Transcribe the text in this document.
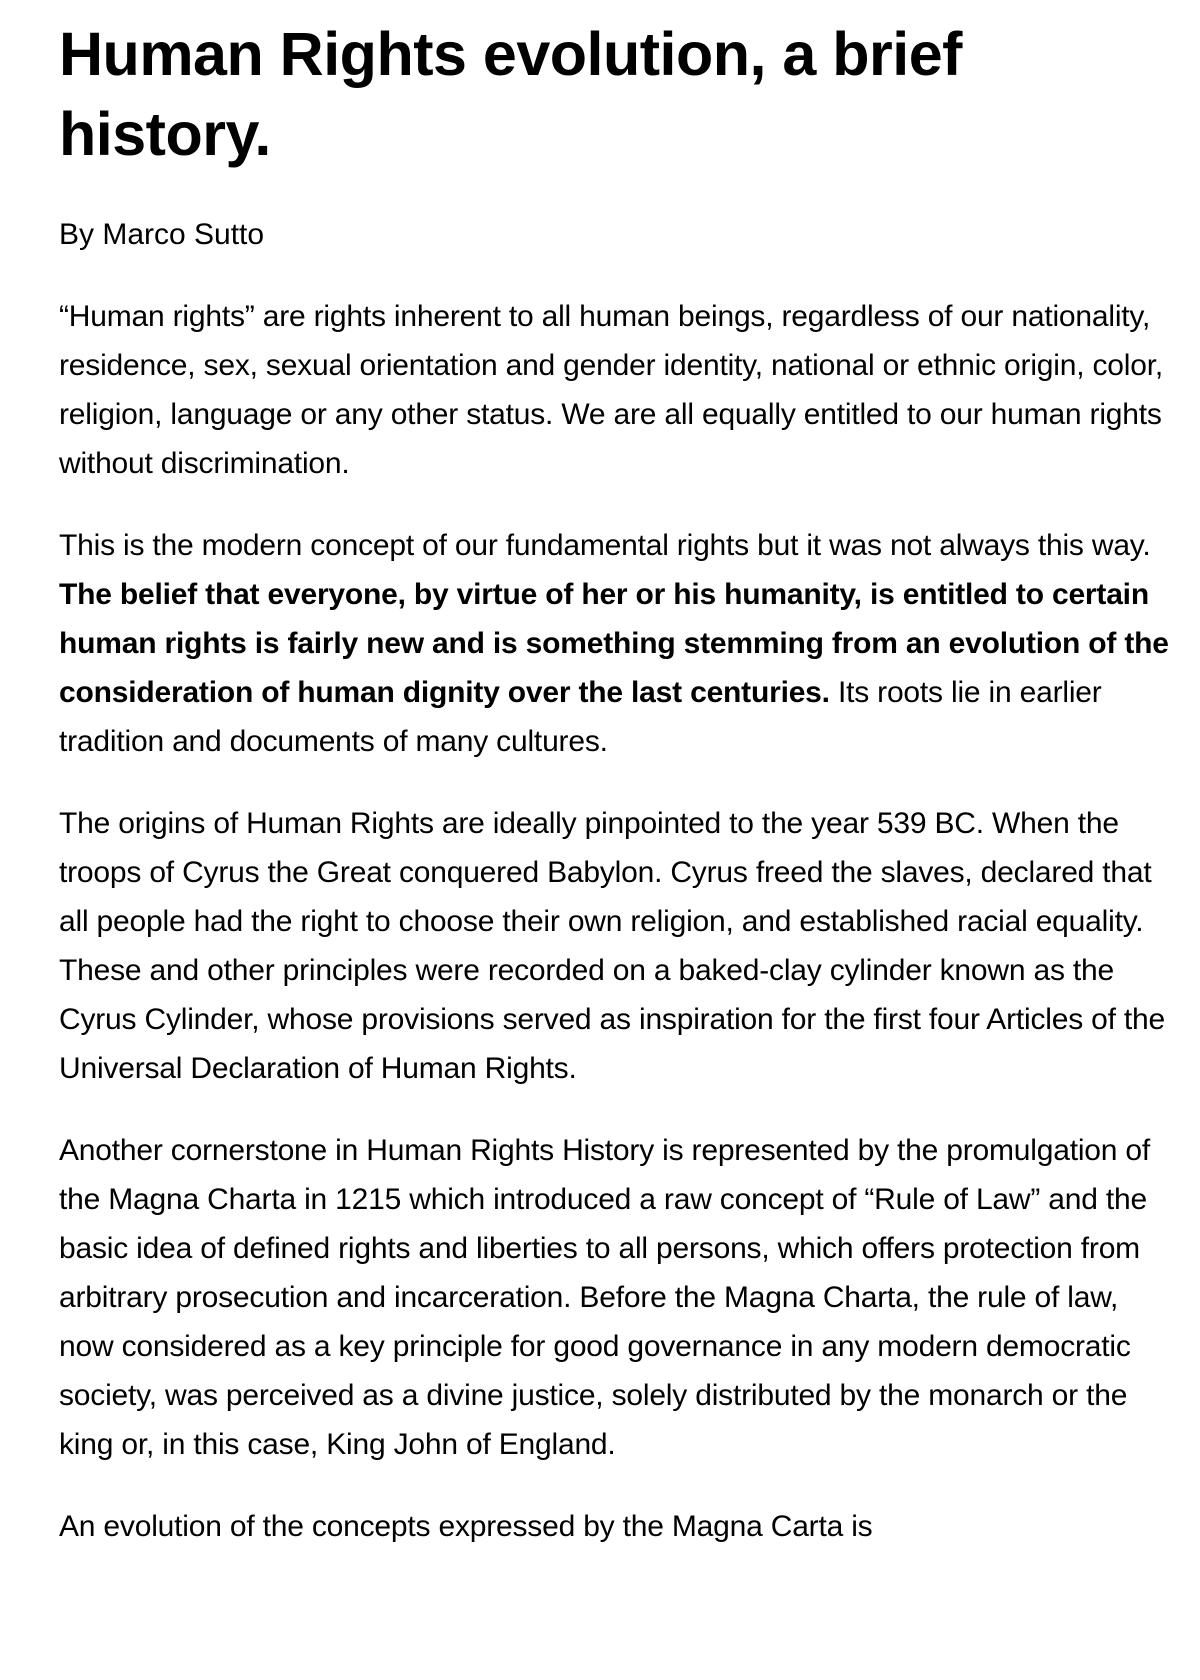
Human Rights evolution, a brief history.

By Marco Sutto

“Human rights” are rights inherent to all human beings, regardless of our nationality, residence, sex, sexual orientation and gender identity, national or ethnic origin, color, religion, language or any other status. We are all equally entitled to our human rights without discrimination.

This is the modern concept of our fundamental rights but it was not always this way. The belief that everyone, by virtue of her or his humanity, is entitled to certain human rights is fairly new and is something stemming from an evolution of the consideration of human dignity over the last centuries. Its roots lie in earlier tradition and documents of many cultures.

The origins of Human Rights are ideally pinpointed to the year 539 BC. When the troops of Cyrus the Great conquered Babylon. Cyrus freed the slaves, declared that all people had the right to choose their own religion, and established racial equality. These and other principles were recorded on a baked-clay cylinder known as the Cyrus Cylinder, whose provisions served as inspiration for the first four Articles of the Universal Declaration of Human Rights.

Another cornerstone in Human Rights History is represented by the promulgation of the Magna Charta in 1215 which introduced a raw concept of “Rule of Law” and the basic idea of defined rights and liberties to all persons, which offers protection from arbitrary prosecution and incarceration. Before the Magna Charta, the rule of law, now considered as a key principle for good governance in any modern democratic society, was perceived as a divine justice, solely distributed by the monarch or the king or, in this case, King John of England.

An evolution of the concepts expressed by the Magna Carta is
